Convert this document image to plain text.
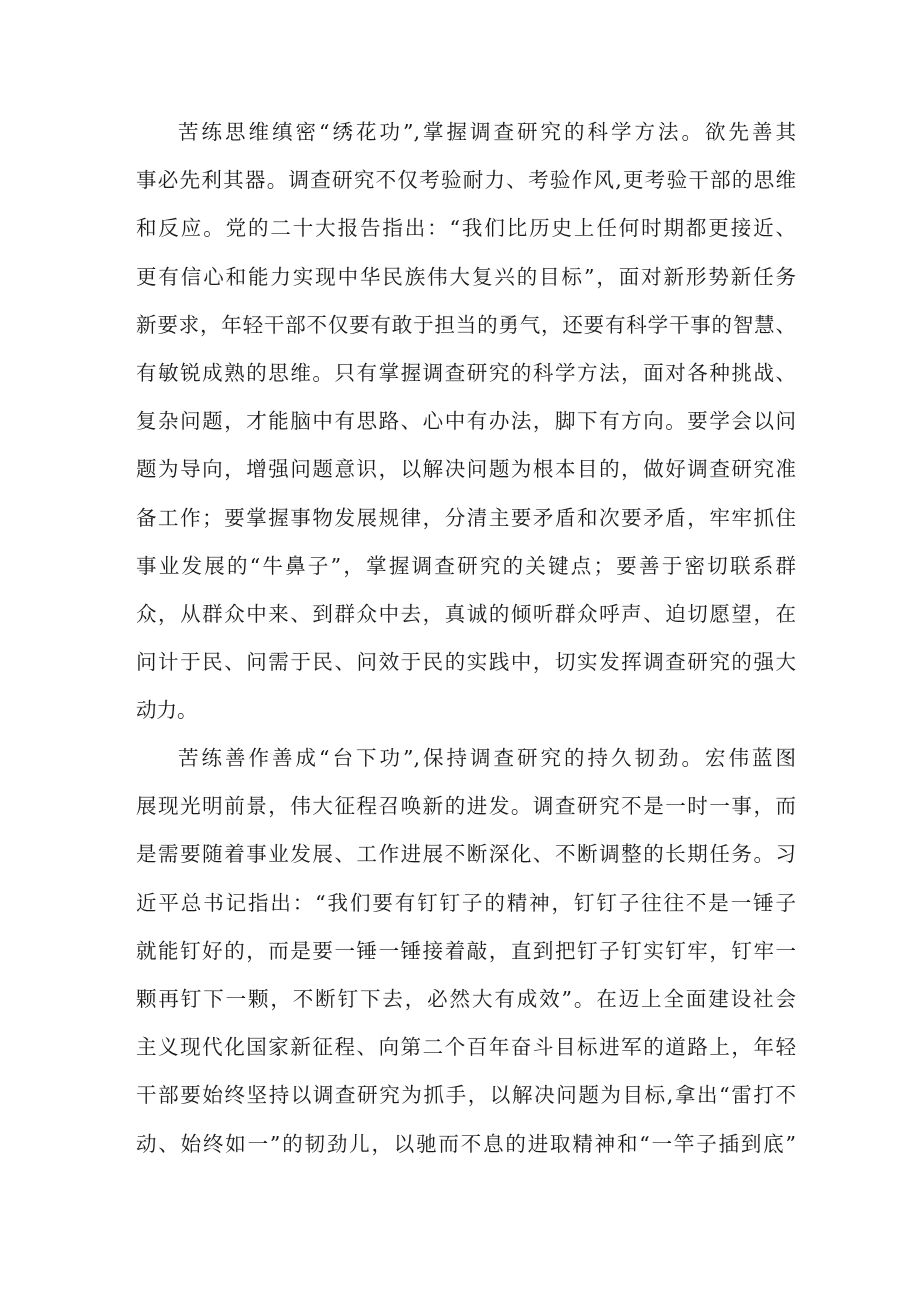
苦练思维缜密“绣花功”,掌握调查研究的科学方法。欲先善其
事必先利其器。调查研究不仅考验耐力、考验作风,更考验干部的思维
和反应。党的二十大报告指出：“我们比历史上任何时期都更接近、
更有信心和能力实现中华民族伟大复兴的目标”，面对新形势新任务
新要求，年轻干部不仅要有敢于担当的勇气，还要有科学干事的智慧、
有敏锐成熟的思维。只有掌握调查研究的科学方法，面对各种挑战、
复杂问题，才能脑中有思路、心中有办法，脚下有方向。要学会以问
题为导向，增强问题意识，以解决问题为根本目的，做好调查研究准
备工作；要掌握事物发展规律，分清主要矛盾和次要矛盾，牢牢抓住
事业发展的“牛鼻子”，掌握调查研究的关键点；要善于密切联系群
众，从群众中来、到群众中去，真诚的倾听群众呼声、迫切愿望，在
问计于民、问需于民、问效于民的实践中，切实发挥调查研究的强大
动力。
苦练善作善成“台下功”,保持调查研究的持久韧劲。宏伟蓝图
展现光明前景，伟大征程召唤新的进发。调查研究不是一时一事，而
是需要随着事业发展、工作进展不断深化、不断调整的长期任务。习
近平总书记指出：“我们要有钉钉子的精神，钉钉子往往不是一锤子
就能钉好的，而是要一锤一锤接着敲，直到把钉子钉实钉牢，钉牢一
颗再钉下一颗，不断钉下去，必然大有成效”。在迈上全面建设社会
主义现代化国家新征程、向第二个百年奋斗目标进军的道路上，年轻
干部要始终坚持以调查研究为抓手，以解决问题为目标,拿出“雷打不
动、始终如一”的韧劲儿，以驰而不息的进取精神和“一竿子插到底”
